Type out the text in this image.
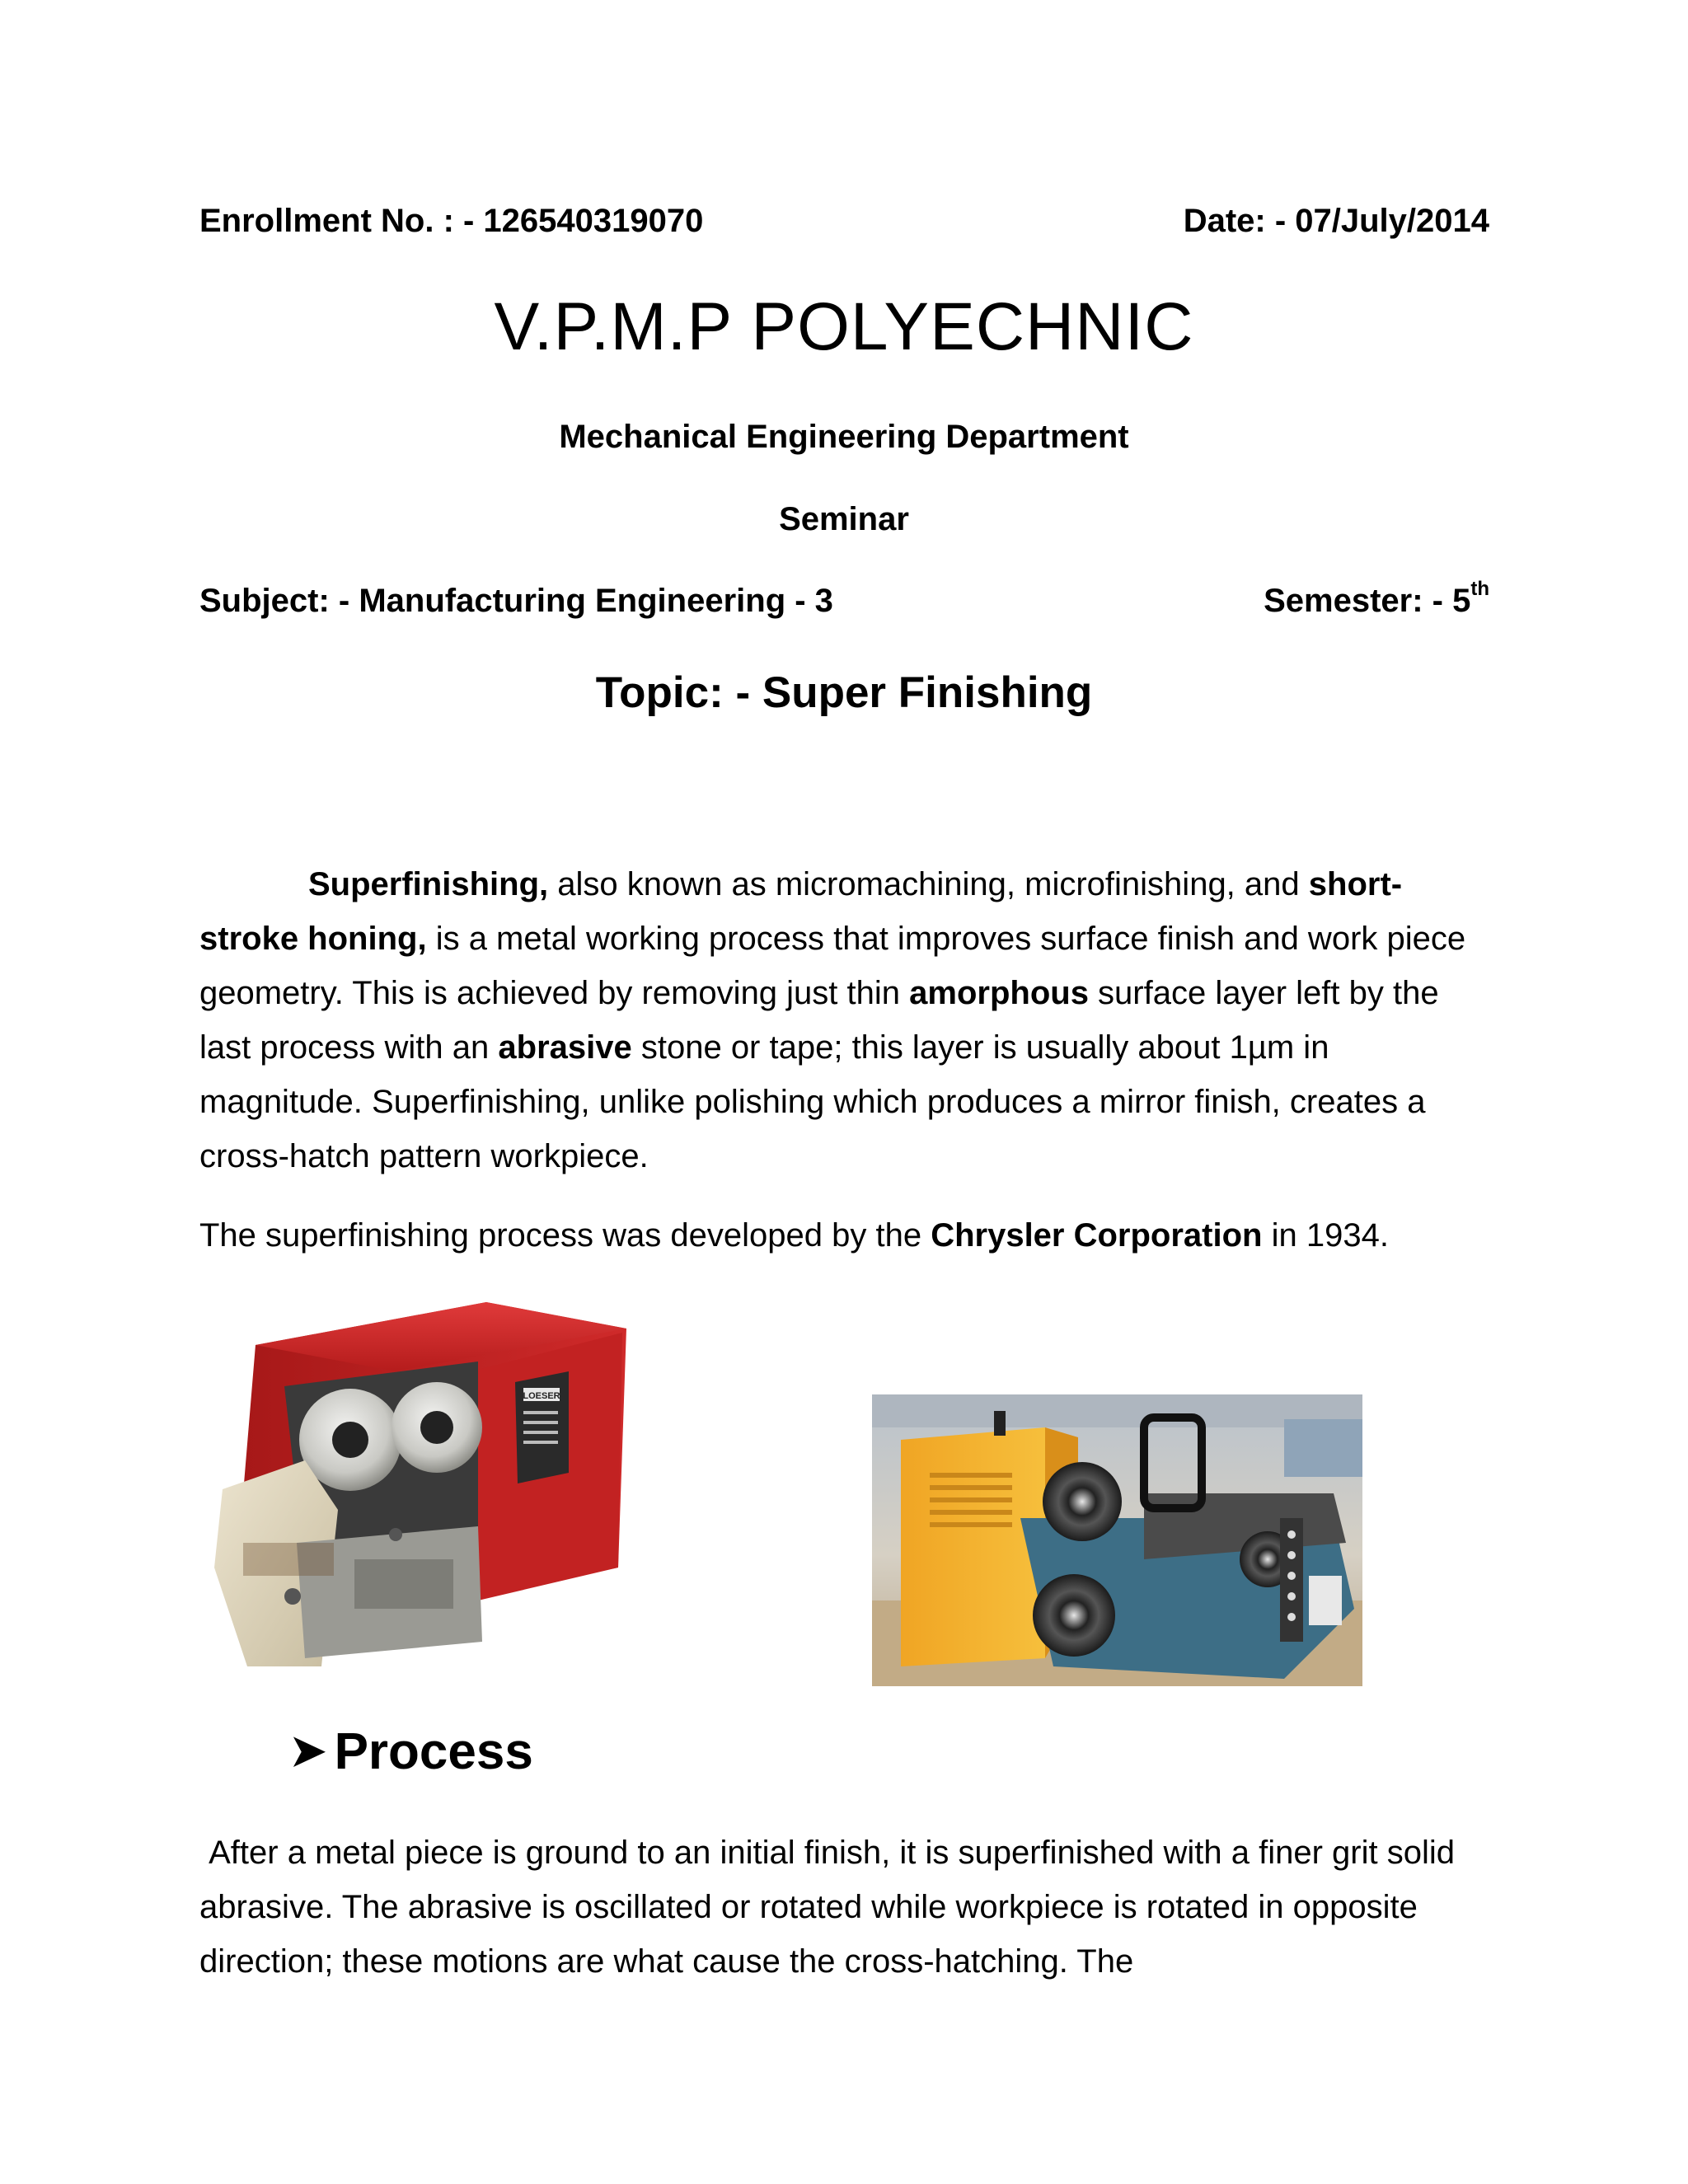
Enrollment No. : - 126540319070	Date: - 07/July/2014
V.P.M.P POLYECHNIC
Mechanical Engineering Department
Seminar
Subject: - Manufacturing Engineering - 3	Semester: - 5th
Topic: - Super Finishing

Superfinishing, also known as micromachining, microfinishing, and short-stroke honing, is a metal working process that improves surface finish and work piece geometry. This is achieved by removing just thin amorphous surface layer left by the last process with an abrasive stone or tape; this layer is usually about 1µm in magnitude. Superfinishing, unlike polishing which produces a mirror finish, creates a cross-hatch pattern workpiece.

The superfinishing process was developed by the Chrysler Corporation in 1934.

LOESER
➤ Process

After a metal piece is ground to an initial finish, it is superfinished with a finer grit solid abrasive. The abrasive is oscillated or rotated while workpiece is rotated in opposite direction; these motions are what cause the cross-hatching. The
